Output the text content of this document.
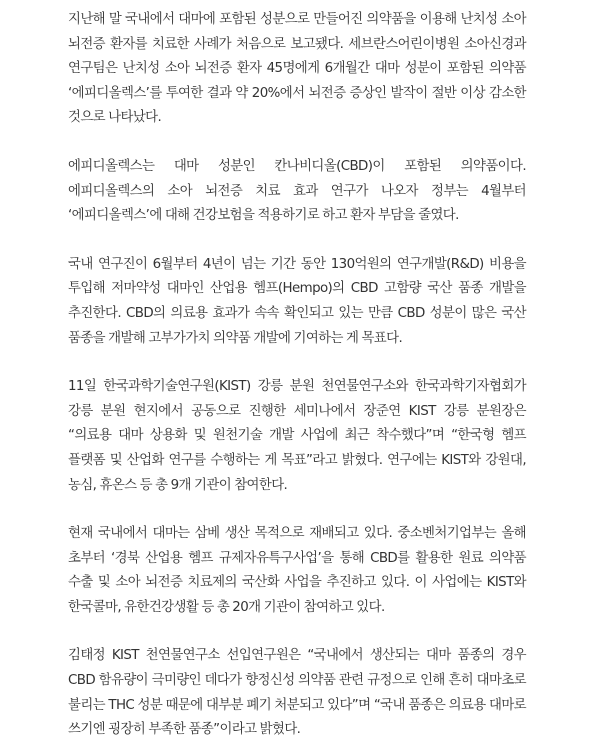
지난해 말 국내에서 대마에 포함된 성분으로 만들어진 의약품을 이용해 난치성 소아 뇌전증 환자를 치료한 사례가 처음으로 보고됐다. 세브란스어린이병원 소아신경과 연구팀은 난치성 소아 뇌전증 환자 45명에게 6개월간 대마 성분이 포함된 의약품 ‘에피디올렉스’를 투여한 결과 약 20%에서 뇌전증 증상인 발작이 절반 이상 감소한 것으로 나타났다.

에피디올렉스는 대마 성분인 칸나비디올(CBD)이 포함된 의약품이다. 에피디올렉스의 소아 뇌전증 치료 효과 연구가 나오자 정부는 4월부터 ‘에피디올렉스’에 대해 건강보험을 적용하기로 하고 환자 부담을 줄였다.

국내 연구진이 6월부터 4년이 넘는 기간 동안 130억원의 연구개발(R&D) 비용을 투입해 저마약성 대마인 산업용 헴프(Hempo)의 CBD 고함량 국산 품종 개발을 추진한다. CBD의 의료용 효과가 속속 확인되고 있는 만큼 CBD 성분이 많은 국산 품종을 개발해 고부가가치 의약품 개발에 기여하는 게 목표다.

11일 한국과학기술연구원(KIST) 강릉 분원 천연물연구소와 한국과학기자협회가 강릉 분원 현지에서 공동으로 진행한 세미나에서 장준연 KIST 강릉 분원장은 “의료용 대마 상용화 및 원천기술 개발 사업에 최근 착수했다”며 “한국형 헴프 플랫폼 및 산업화 연구를 수행하는 게 목표”라고 밝혔다. 연구에는 KIST와 강원대, 농심, 휴온스 등 총 9개 기관이 참여한다.

현재 국내에서 대마는 삼베 생산 목적으로 재배되고 있다. 중소벤처기업부는 올해 초부터 ‘경북 산업용 헴프 규제자유특구사업’을 통해 CBD를 활용한 원료 의약품 수출 및 소아 뇌전증 치료제의 국산화 사업을 추진하고 있다. 이 사업에는 KIST와 한국콜마, 유한건강생활 등 총 20개 기관이 참여하고 있다.

김태정 KIST 천연물연구소 선입연구원은 “국내에서 생산되는 대마 품종의 경우 CBD 함유량이 극미량인 데다가 향정신성 의약품 관련 규정으로 인해 흔히 대마초로 불리는 THC 성분 때문에 대부분 폐기 처분되고 있다”며 “국내 품종은 의료용 대마로 쓰기엔 굉장히 부족한 품종”이라고 밝혔다.
